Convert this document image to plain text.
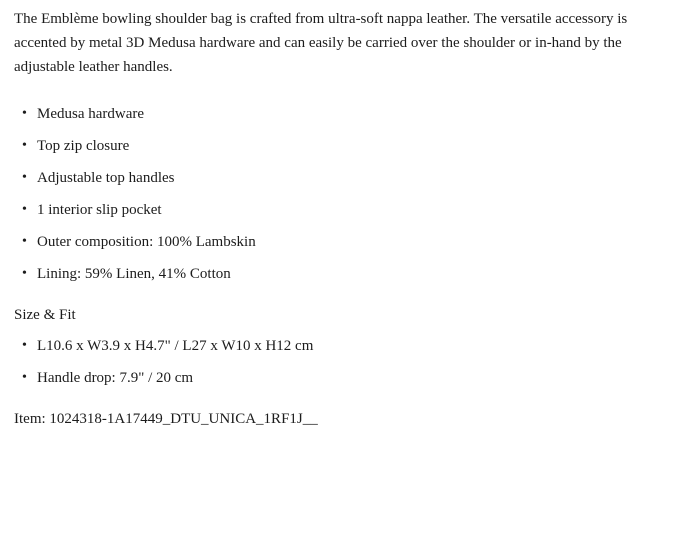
The Emblème bowling shoulder bag is crafted from ultra-soft nappa leather. The versatile accessory is accented by metal 3D Medusa hardware and can easily be carried over the shoulder or in-hand by the adjustable leather handles.

• Medusa hardware
• Top zip closure
• Adjustable top handles
• 1 interior slip pocket
• Outer composition: 100% Lambskin
• Lining: 59% Linen, 41% Cotton

Size & Fit

• L10.6 x W3.9 x H4.7" / L27 x W10 x H12 cm
• Handle drop: 7.9" / 20 cm

Item: 1024318-1A17449_DTU_UNICA_1RF1J__
